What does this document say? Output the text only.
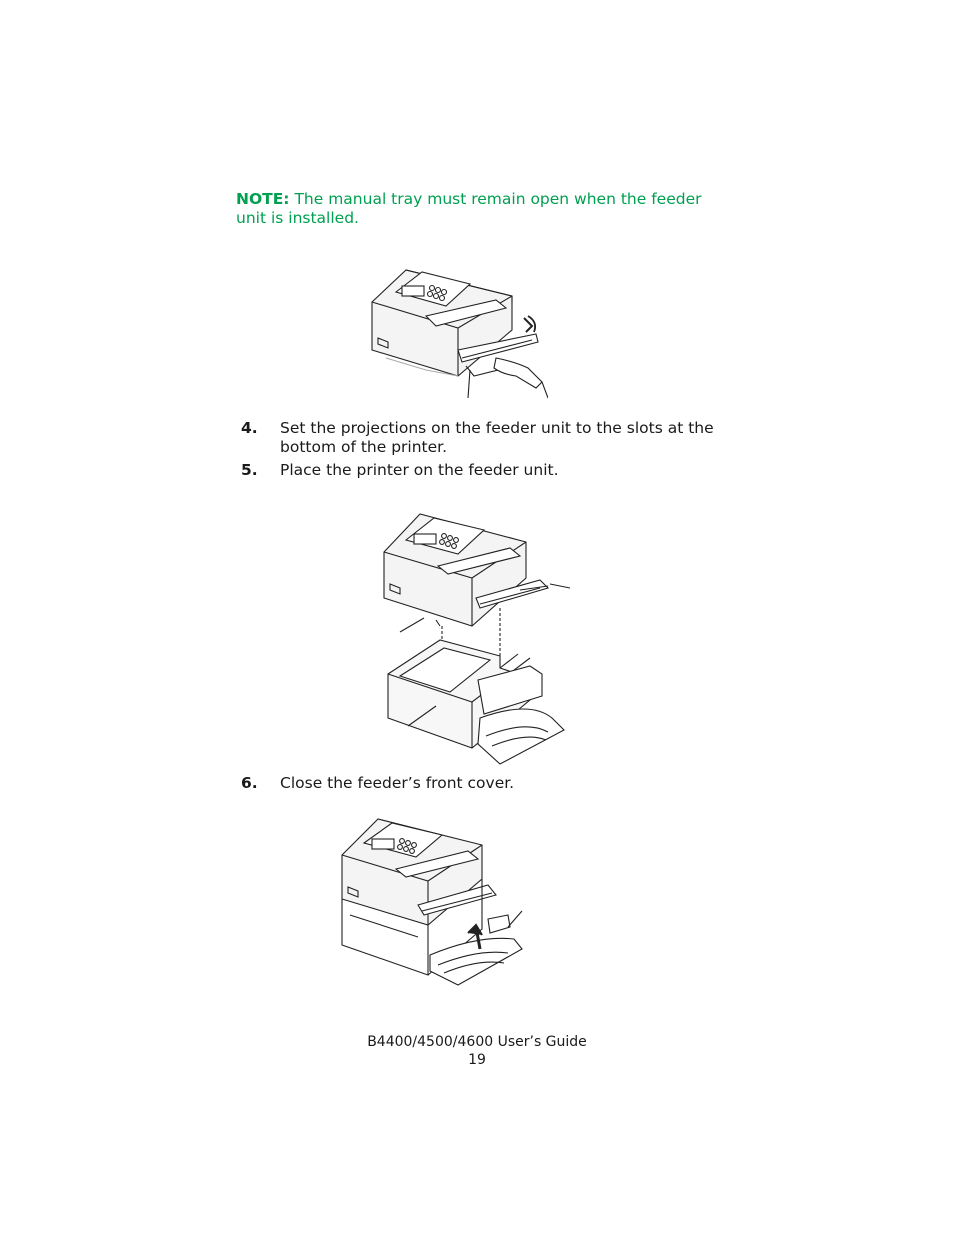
NOTE: The manual tray must remain open when the feeder unit is installed.
4. Set the projections on the feeder unit to the slots at the bottom of the printer.
5. Place the printer on the feeder unit.
6. Close the feeder’s front cover.
B4400/4500/4600 User’s Guide
19
